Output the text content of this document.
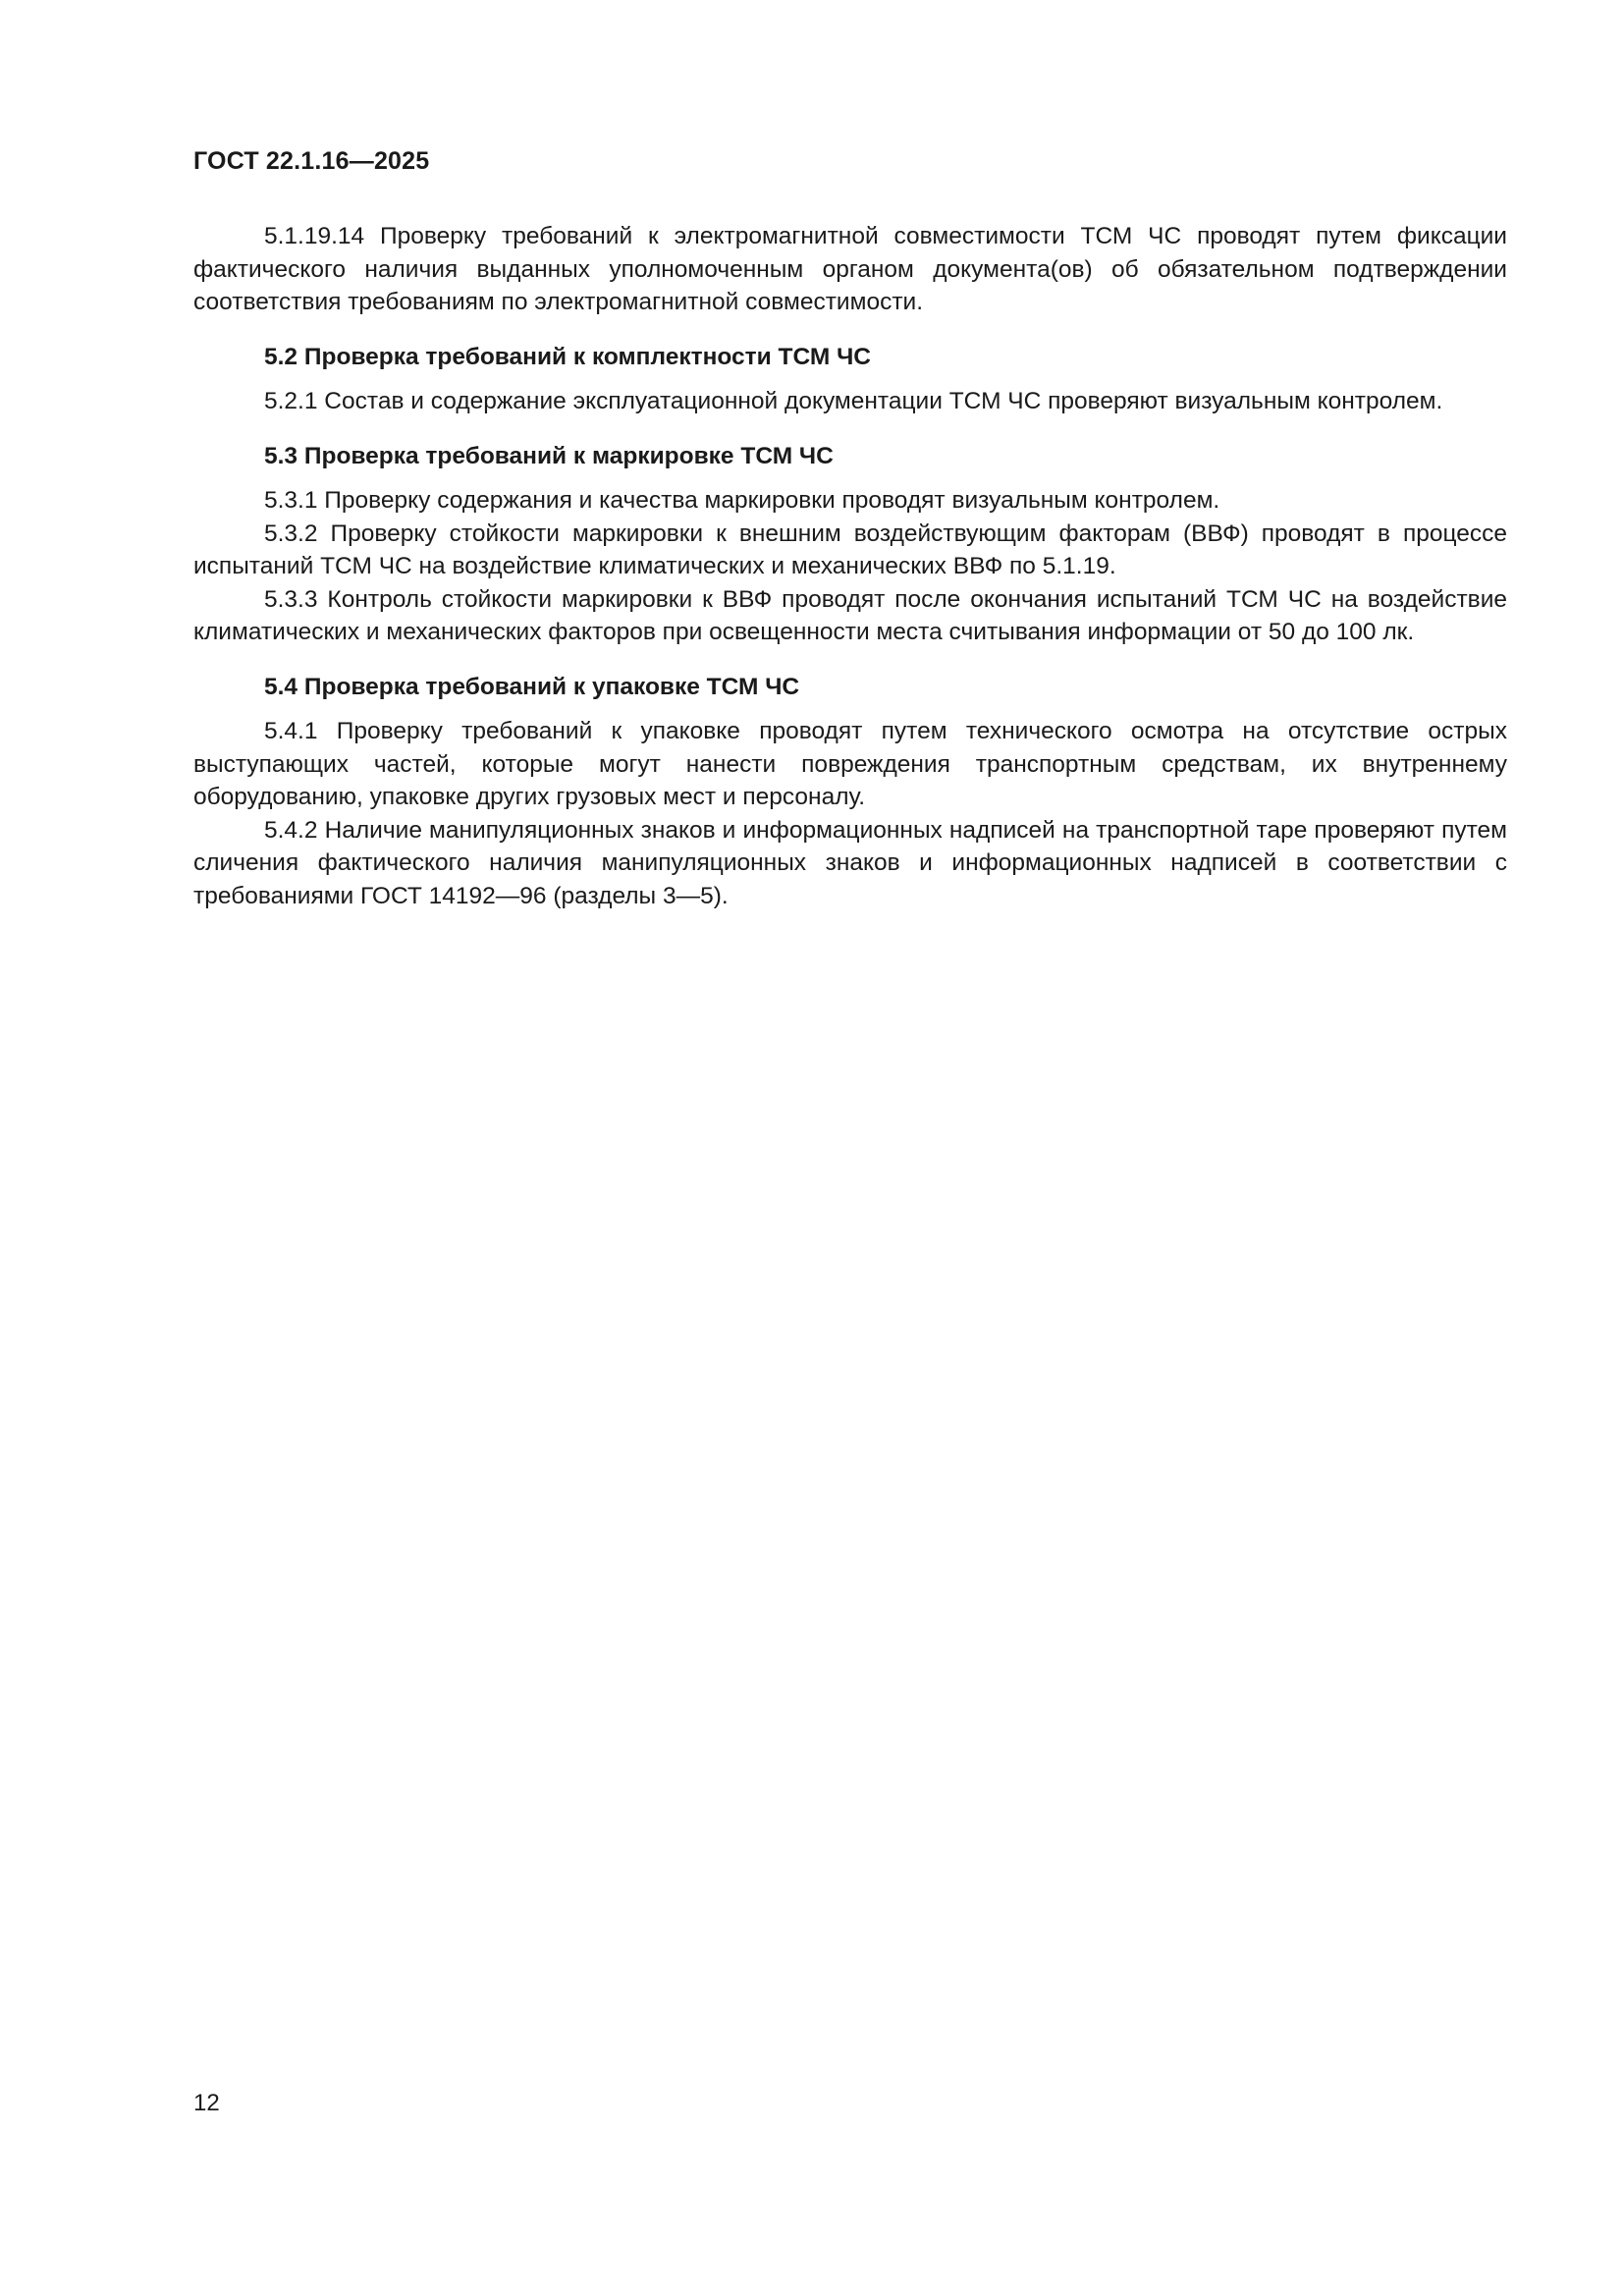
ГОСТ 22.1.16—2025

5.1.19.14 Проверку требований к электромагнитной совместимости ТСМ ЧС проводят путем фиксации фактического наличия выданных уполномоченным органом документа(ов) об обязательном подтверждении соответствия требованиям по электромагнитной совместимости.

5.2 Проверка требований к комплектности ТСМ ЧС

5.2.1 Состав и содержание эксплуатационной документации ТСМ ЧС проверяют визуальным контролем.

5.3 Проверка требований к маркировке ТСМ ЧС

5.3.1 Проверку содержания и качества маркировки проводят визуальным контролем.

5.3.2 Проверку стойкости маркировки к внешним воздействующим факторам (ВВФ) проводят в процессе испытаний ТСМ ЧС на воздействие климатических и механических ВВФ по 5.1.19.

5.3.3 Контроль стойкости маркировки к ВВФ проводят после окончания испытаний ТСМ ЧС на воздействие климатических и механических факторов при освещенности места считывания информации от 50 до 100 лк.

5.4 Проверка требований к упаковке ТСМ ЧС

5.4.1 Проверку требований к упаковке проводят путем технического осмотра на отсутствие острых выступающих частей, которые могут нанести повреждения транспортным средствам, их внутреннему оборудованию, упаковке других грузовых мест и персоналу.

5.4.2 Наличие манипуляционных знаков и информационных надписей на транспортной таре проверяют путем сличения фактического наличия манипуляционных знаков и информационных надписей в соответствии с требованиями ГОСТ 14192—96 (разделы 3—5).

12
